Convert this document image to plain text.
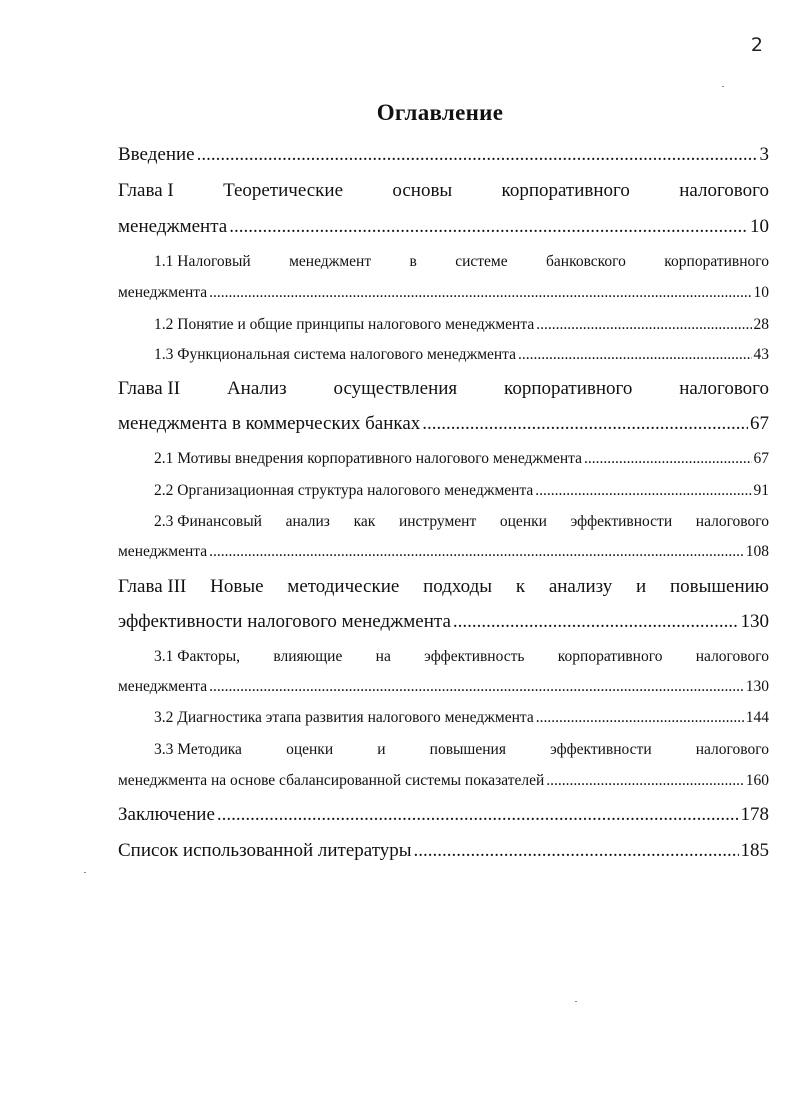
2
Оглавление
Введение .....	3
Глава I	Теоретические	основы	корпоративного	налогового
менеджмента .....	10
1.1 Налоговый менеджмент в системе банковского корпоративного
менеджмента .....	10
1.2 Понятие и общие принципы налогового менеджмента .....	28
1.3 Функциональная система налогового менеджмента .....	43
Глава II Анализ осуществления корпоративного налогового
менеджмента в коммерческих банках .....	67
2.1 Мотивы внедрения корпоративного налогового менеджмента .....	67
2.2 Организационная структура налогового менеджмента .....	91
2.3 Финансовый анализ как инструмент оценки эффективности налогового
менеджмента .....	108
Глава III Новые методические подходы к анализу и повышению
эффективности налогового менеджмента .....	130
3.1 Факторы, влияющие на эффективность корпоративного налогового
менеджмента .....	130
3.2 Диагностика этапа развития налогового менеджмента .....	144
3.3 Методика	оценки	и	повышения	эффективности	налогового
менеджмента на основе сбалансированной системы показателей .....	160
Заключение .....	178
Список использованной литературы .....	185
